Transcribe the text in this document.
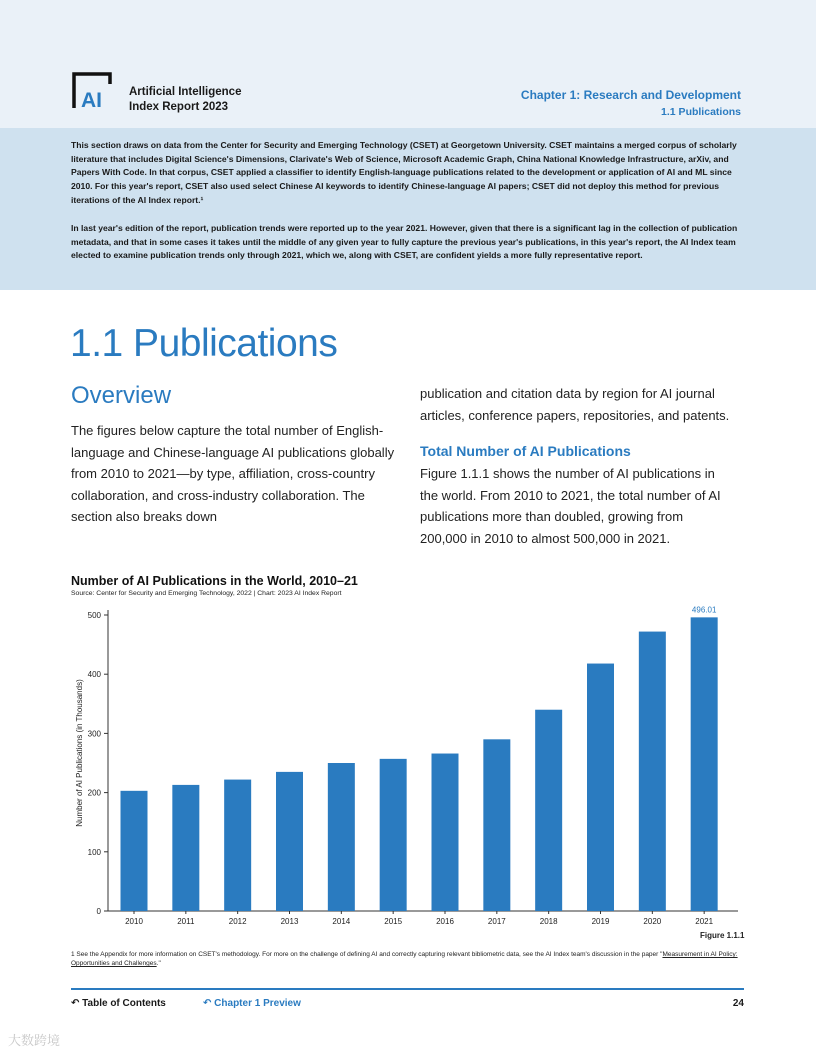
AI Artificial Intelligence
Index Report 2023
Chapter 1: Research and Development
1.1 Publications

This section draws on data from the Center for Security and Emerging Technology (CSET) at Georgetown University. CSET maintains a merged corpus of scholarly literature that includes Digital Science's Dimensions, Clarivate's Web of Science, Microsoft Academic Graph, China National Knowledge Infrastructure, arXiv, and Papers With Code. In that corpus, CSET applied a classifier to identify English-language publications related to the development or application of AI and ML since 2010. For this year's report, CSET also used select Chinese AI keywords to identify Chinese-language AI papers; CSET did not deploy this method for previous iterations of the AI Index report.¹

In last year's edition of the report, publication trends were reported up to the year 2021. However, given that there is a significant lag in the collection of publication metadata, and that in some cases it takes until the middle of any given year to fully capture the previous year's publications, in this year's report, the AI Index team elected to examine publication trends only through 2021, which we, along with CSET, are confident yields a more fully representative report.

1.1 Publications
Overview

The figures below capture the total number of English-language and Chinese-language AI publications globally from 2010 to 2021—by type, affiliation, cross-country collaboration, and cross-industry collaboration. The section also breaks down

publication and citation data by region for AI journal articles, conference papers, repositories, and patents.

Total Number of AI Publications

Figure 1.1.1 shows the number of AI publications in the world. From 2010 to 2021, the total number of AI publications more than doubled, growing from 200,000 in 2010 to almost 500,000 in 2021.

Number of AI Publications in the World, 2010–21
Source: Center for Security and Emerging Technology, 2022 | Chart: 2023 AI Index Report
0
100
200
300
400
500
Number of AI Publications (in Thousands)
2010	2011	2012	2013	2014	2015	2016	2017	2018	2019	2020	2021
496.01
Figure 1.1.1
1 See the Appendix for more information on CSET's methodology. For more on the challenge of defining AI and correctly capturing relevant bibliometric data, see the AI Index team's discussion in the paper "Measurement in AI Policy: Opportunities and Challenges."
↶ Table of Contents	↶ Chapter 1 Preview	24
大数跨境
